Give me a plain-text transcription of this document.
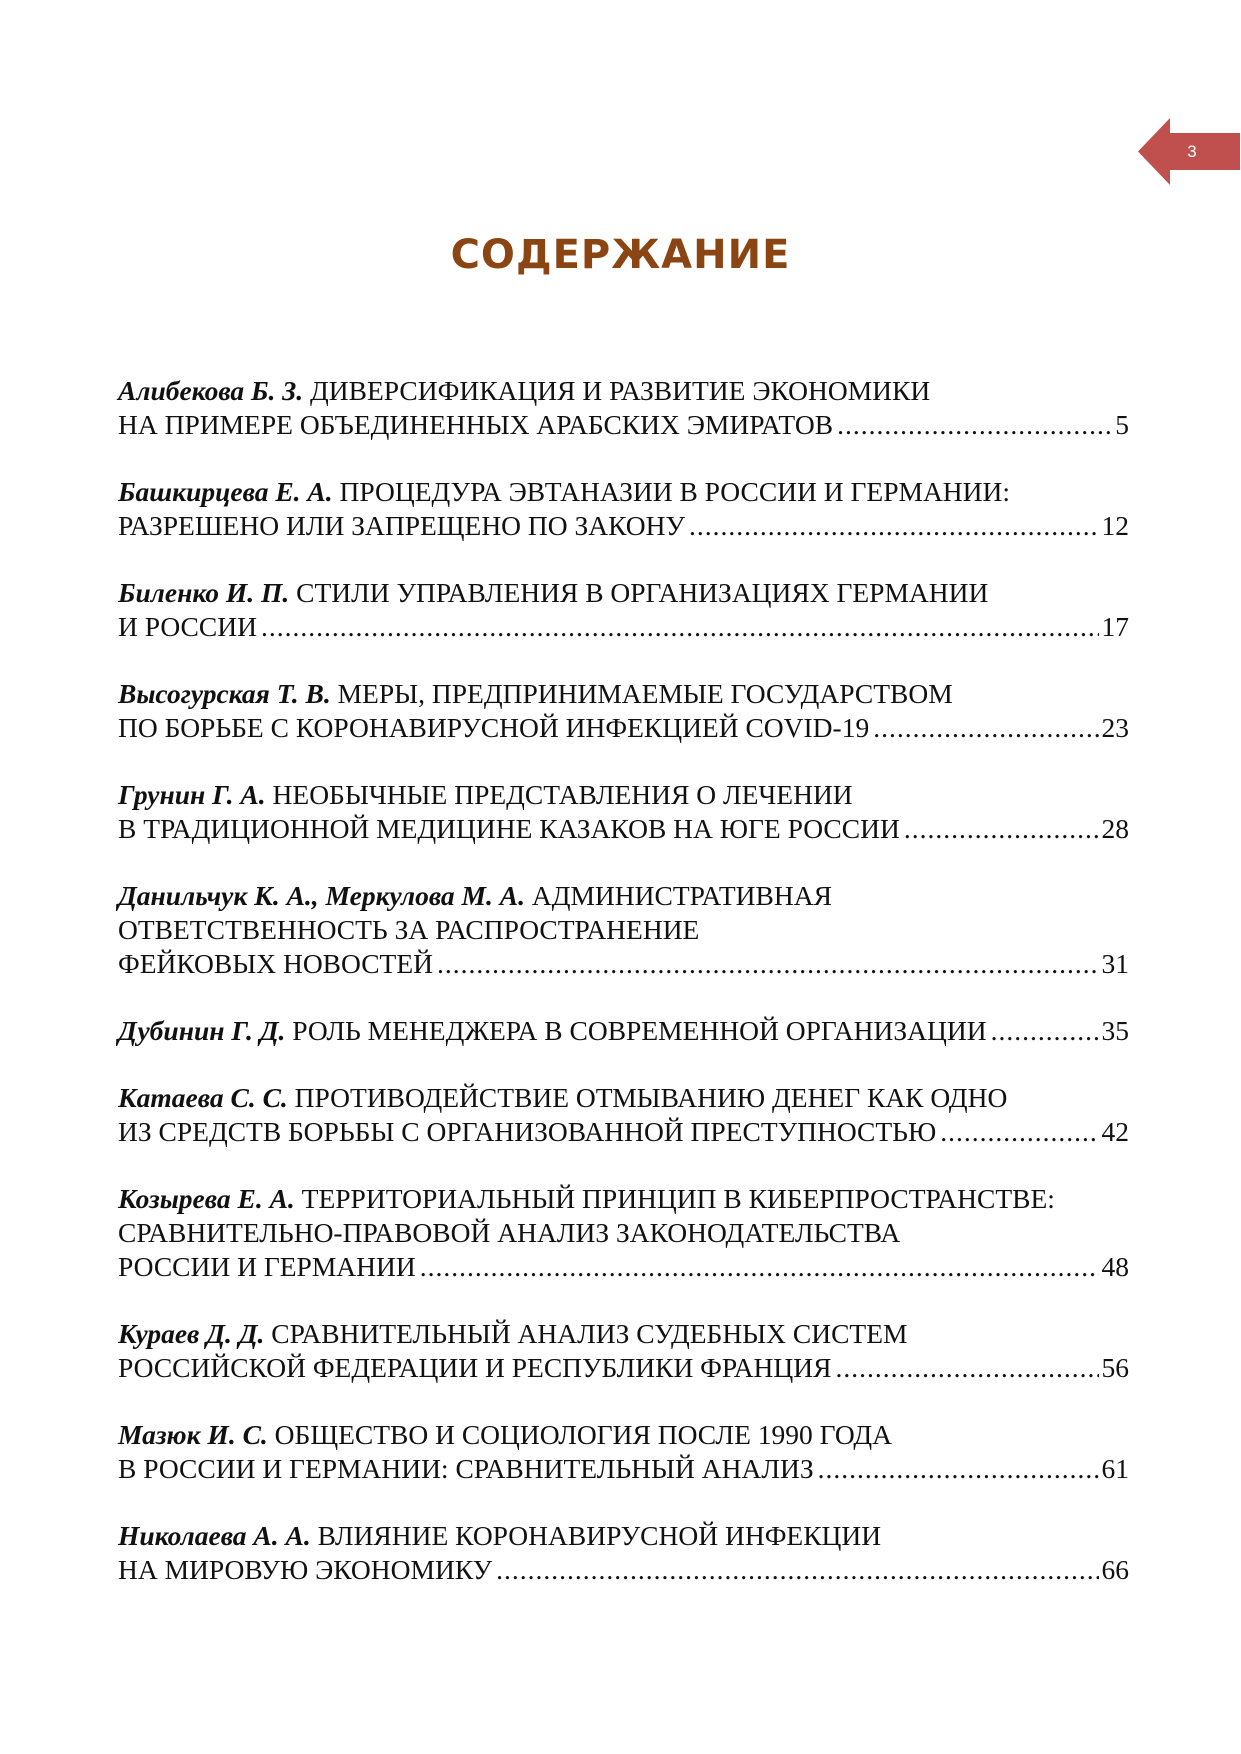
3
СОДЕРЖАНИЕ
Алибекова Б. З. ДИВЕРСИФИКАЦИЯ И РАЗВИТИЕ ЭКОНОМИКИ
НА ПРИМЕРЕ ОБЪЕДИНЕННЫХ АРАБСКИХ ЭМИРАТОВ .....	5
Башкирцева Е. А. ПРОЦЕДУРА ЭВТАНАЗИИ В РОССИИ И ГЕРМАНИИ:
РАЗРЕШЕНО ИЛИ ЗАПРЕЩЕНО ПО ЗАКОНУ .....	12
Биленко И. П. СТИЛИ УПРАВЛЕНИЯ В ОРГАНИЗАЦИЯХ ГЕРМАНИИ
И РОССИИ .....	17
Высогурская Т. В. МЕРЫ, ПРЕДПРИНИМАЕМЫЕ ГОСУДАРСТВОМ
ПО БОРЬБЕ С КОРОНАВИРУСНОЙ ИНФЕКЦИЕЙ COVID-19 .....	23
Грунин Г. А. НЕОБЫЧНЫЕ ПРЕДСТАВЛЕНИЯ О ЛЕЧЕНИИ
В ТРАДИЦИОННОЙ МЕДИЦИНЕ КАЗАКОВ НА ЮГЕ РОССИИ .....	28
Данильчук К. А., Меркулова М. А. АДМИНИСТРАТИВНАЯ
ОТВЕТСТВЕННОСТЬ ЗА РАСПРОСТРАНЕНИЕ
ФЕЙКОВЫХ НОВОСТЕЙ .....	31
Дубинин Г. Д. РОЛЬ МЕНЕДЖЕРА В СОВРЕМЕННОЙ ОРГАНИЗАЦИИ .....	35
Катаева С. С. ПРОТИВОДЕЙСТВИЕ ОТМЫВАНИЮ ДЕНЕГ КАК ОДНО
ИЗ СРЕДСТВ БОРЬБЫ С ОРГАНИЗОВАННОЙ ПРЕСТУПНОСТЬЮ .....	42
Козырева Е. А. ТЕРРИТОРИАЛЬНЫЙ ПРИНЦИП В КИБЕРПРОСТРАНСТВЕ:
СРАВНИТЕЛЬНО-ПРАВОВОЙ АНАЛИЗ ЗАКОНОДАТЕЛЬСТВА
РОССИИ И ГЕРМАНИИ .....	48
Кураев Д. Д. СРАВНИТЕЛЬНЫЙ АНАЛИЗ СУДЕБНЫХ СИСТЕМ
РОССИЙСКОЙ ФЕДЕРАЦИИ И РЕСПУБЛИКИ ФРАНЦИЯ .....	56
Мазюк И. С. ОБЩЕСТВО И СОЦИОЛОГИЯ ПОСЛЕ 1990 ГОДА
В РОССИИ И ГЕРМАНИИ: СРАВНИТЕЛЬНЫЙ АНАЛИЗ .....	61
Николаева А. А. ВЛИЯНИЕ КОРОНАВИРУСНОЙ ИНФЕКЦИИ
НА МИРОВУЮ ЭКОНОМИКУ .....	66
